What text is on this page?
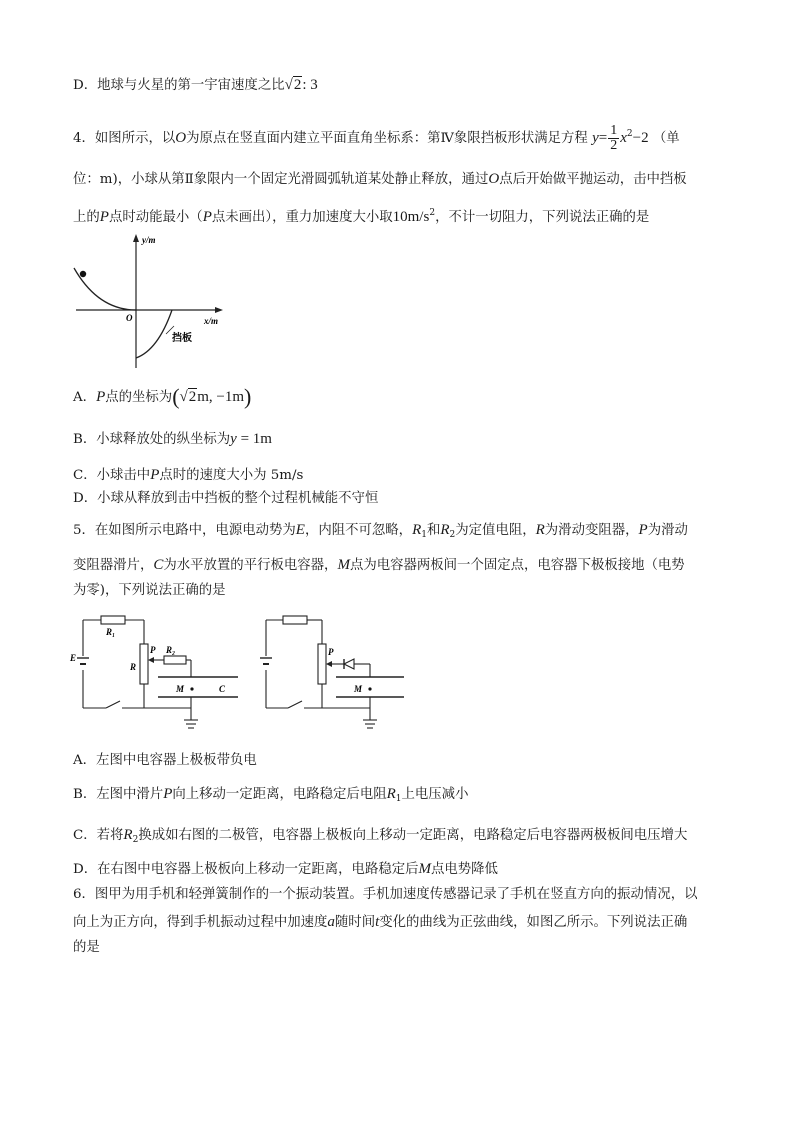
D．地球与火星的第一宇宙速度之比√2: 3
4．如图所示，以O为原点在竖直面内建立平面直角坐标系：第Ⅳ象限挡板形状满足方程 $y= \frac{1}{2} x^2-2$ （单
位：m)，小球从第Ⅱ象限内一个固定光滑圆弧轨道某处静止释放，通过O点后开始做平抛运动，击中挡板
上的P点时动能最小（P点未画出），重力加速度大小取$10m/s^2$，不计一切阻力，下列说法正确的是
y/m
x/m
O
挡板
A．P点的坐标为(√2m, −1m)
B．小球释放处的纵坐标为y = 1m
C．小球击中P点时的速度大小为 5m/s
D．小球从释放到击中挡板的整个过程机械能不守恒
5．在如图所示电路中，电源电动势为E，内阻不可忽略，$R_1$和$R_2$为定值电阻，R为滑动变阻器，P为滑动
变阻器滑片，C为水平放置的平行板电容器，M点为电容器两板间一个固定点，电容器下极板接地（电势
为零)，下列说法正确的是
R₁
R
P R₂
E
M	C
P
M
A．左图中电容器上极板带负电
B．左图中滑片P向上移动一定距离，电路稳定后电阻$R_1$上电压减小
C．若将$R_2$换成如右图的二极管，电容器上极板向上移动一定距离，电路稳定后电容器两极板间电压增大
D．在右图中电容器上极板向上移动一定距离，电路稳定后M点电势降低
6．图甲为用手机和轻弹簧制作的一个振动装置。手机加速度传感器记录了手机在竖直方向的振动情况，以
向上为正方向，得到手机振动过程中加速度a随时间t变化的曲线为正弦曲线，如图乙所示。下列说法正确
的是
